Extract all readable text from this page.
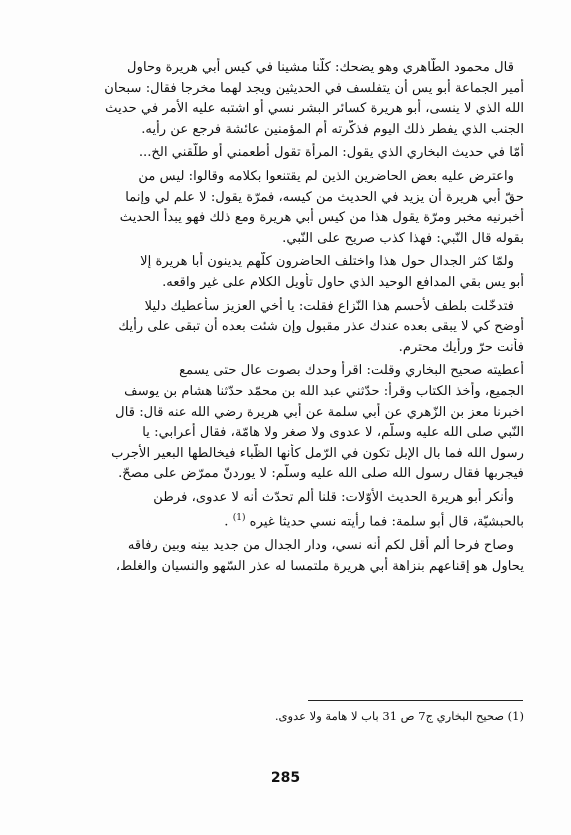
قال محمود الطّاهري وهو يضحك: كلّنا مشينا في كيس أبي هريرة وحاول
أمير الجماعة أبو يس أن يتفلسف في الحديثين ويجد لهما مخرجا فقال: سبحان
الله الذي لا ينسى، أبو هريرة كسائر البشر نسي أو اشتبه عليه الأمر في حديث
الجنب الذي يفطر ذلك اليوم فذكّرته أم المؤمنين عائشة فرجع عن رأيه.

أمّا في حديث البخاري الذي يقول: المرأة تقول أطعمني أو طلّقني الخ...

واعترض عليه بعض الحاضرين الذين لم يقتنعوا بكلامه وقالوا: ليس من
حقّ أبي هريرة أن يزيد في الحديث من كيسه، فمرّة يقول: لا علم لي وإنما
أخبرنيه مخبر ومرّة يقول هذا من كيس أبي هريرة ومع ذلك فهو يبدأ الحديث
بقوله قال النّبي: فهذا كذب صريح على النّبي.

ولمّا كثر الجدال حول هذا واختلف الحاضرون كلّهم يدينون أبا هريرة إلا
أبو يس بقي المدافع الوحيد الذي حاول تأويل الكلام على غير واقعه.

فتدخّلت بلطف لأحسم هذا النّزاع فقلت: يا أخي العزيز سأعطيك دليلا
أوضح كي لا يبقى بعده عندك عذر مقبول وإن شئت بعده أن تبقى على رأيك
فأنت حرّ ورأيك محترم.

أعطيته صحيح البخاري وقلت: اقرأ وحدك بصوت عال حتى يسمع
الجميع، وأخذ الكتاب وقرأ: حدّثني عبد الله بن محمّد حدّثنا هشام بن يوسف
اخبرنا معز بن الزّهري عن أبي سلمة عن أبي هريرة رضي الله عنه قال: قال
النّبي صلى الله عليه وسلّم، لا عدوى ولا صغر ولا هامّة، فقال أعرابي: يا
رسول الله فما بال الإبل تكون في الرّمل كأنها الظّباء فيخالطها البعير الأجرب
فيجربها فقال رسول الله صلى الله عليه وسلّم: لا يوردنّ ممرّض على مصحّ.

وأنكر أبو هريرة الحديث الأوّلات: قلنا ألم تحدّث أنه لا عدوى، فرطن
بالحبشيّة، قال أبو سلمة: فما رأيته نسي حديثا غيره $^{(1)}$ .

وصاح فرحا ألم أقل لكم أنه نسي، ودار الجدال من جديد بينه وبين رفاقه
يحاول هو إقناعهم بنزاهة أبي هريرة ملتمسا له عذر السّهو والنسيان والغلط،

(1) صحيح البخاري ج7 ص 31 باب لا هامة ولا عدوى.
285
